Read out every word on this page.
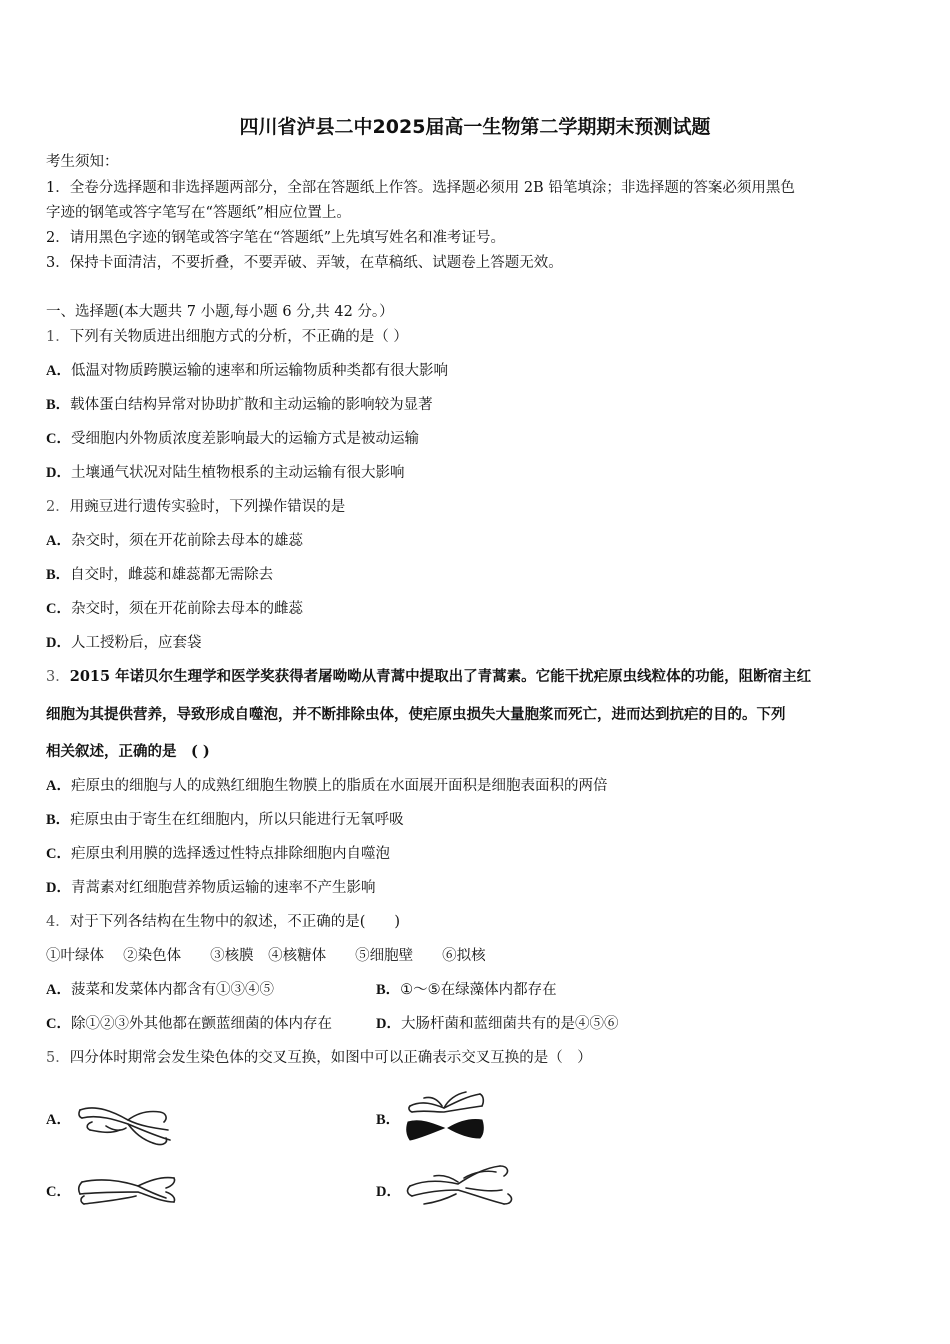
四川省泸县二中2025届高一生物第二学期期末预测试题
考生须知：
1．全卷分选择题和非选择题两部分，全部在答题纸上作答。选择题必须用 2B 铅笔填涂；非选择题的答案必须用黑色
字迹的钢笔或答字笔写在“答题纸”相应位置上。
2．请用黑色字迹的钢笔或答字笔在“答题纸”上先填写姓名和准考证号。
3．保持卡面清洁，不要折叠，不要弄破、弄皱，在草稿纸、试题卷上答题无效。
一、选择题(本大题共 7 小题,每小题 6 分,共 42 分。）
1．下列有关物质进出细胞方式的分析，不正确的是（ ）
A．低温对物质跨膜运输的速率和所运输物质种类都有很大影响
B．载体蛋白结构异常对协助扩散和主动运输的影响较为显著
C．受细胞内外物质浓度差影响最大的运输方式是被动运输
D．土壤通气状况对陆生植物根系的主动运输有很大影响
2．用豌豆进行遗传实验时，下列操作错误的是
A．杂交时，须在开花前除去母本的雄蕊
B．自交时，雌蕊和雄蕊都无需除去
C．杂交时，须在开花前除去母本的雌蕊
D．人工授粉后，应套袋
3．2015 年诺贝尔生理学和医学奖获得者屠呦呦从青蒿中提取出了青蒿素。它能干扰疟原虫线粒体的功能，阻断宿主红
细胞为其提供营养，导致形成自噬泡，并不断排除虫体，使疟原虫损失大量胞浆而死亡，进而达到抗疟的目的。下列
相关叙述，正确的是　( )
A．疟原虫的细胞与人的成熟红细胞生物膜上的脂质在水面展开面积是细胞表面积的两倍
B．疟原虫由于寄生在红细胞内，所以只能进行无氧呼吸
C．疟原虫利用膜的选择透过性特点排除细胞内自噬泡
D．青蒿素对红细胞营养物质运输的速率不产生影响
4．对于下列各结构在生物中的叙述，不正确的是(　　)
①叶绿体　 ②染色体　　③核膜　④核糖体　　⑤细胞壁　　⑥拟核
A．菠菜和发菜体内都含有①③④⑤	B．①～⑤在绿藻体内都存在
C．除①②③外其他都在颤蓝细菌的体内存在	D．大肠杆菌和蓝细菌共有的是④⑤⑥
5．四分体时期常会发生染色体的交叉互换，如图中可以正确表示交叉互换的是（　）
A．	B．
C．	D．
